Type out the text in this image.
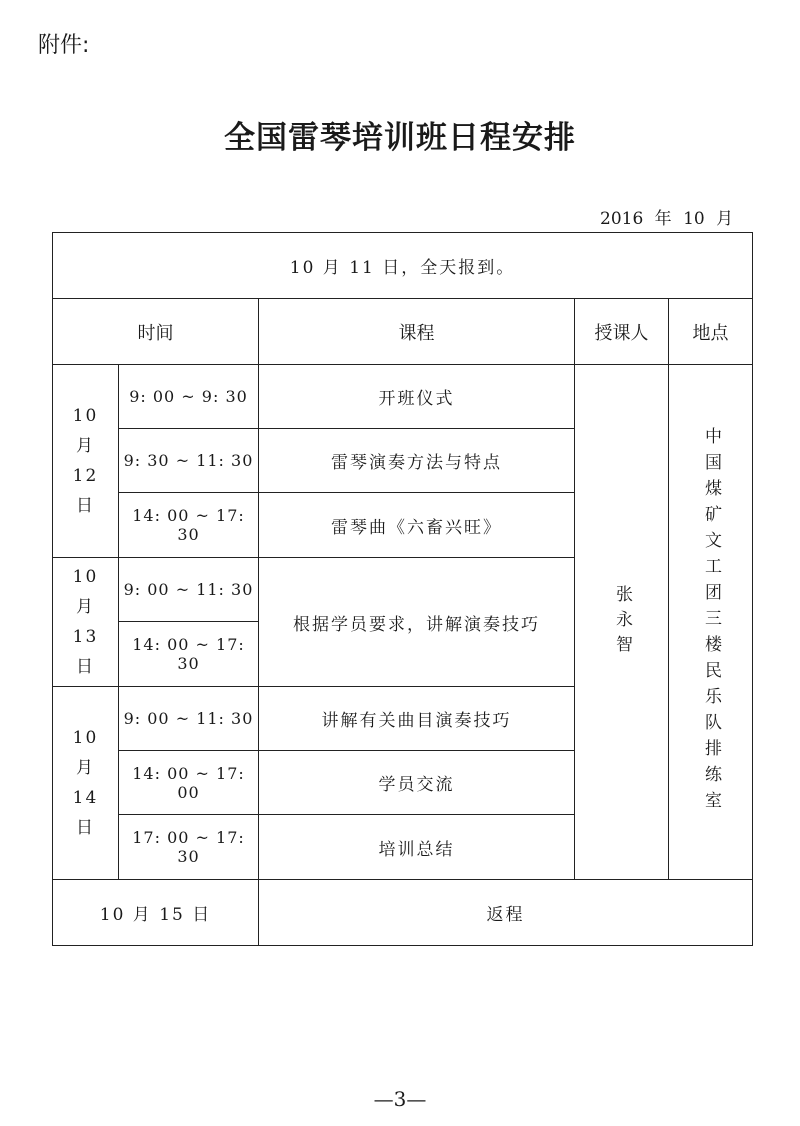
附件:
全国雷琴培训班日程安排
2016 年 10 月
10 月 11 日，全天报到。				
时间		课程	授课人	地点

10
月
12
日	9: 00 ~ 9: 30	开班仪式	张永智	中国煤矿文工团三楼民乐队排练室

	9: 30 ~ 11: 30	雷琴演奏方法与特点		
	14: 00 ~ 17: 30	雷琴曲《六畜兴旺》		

10
月
13
日	9: 00 ~ 11: 30	根据学员要求，讲解演奏技巧		
	14: 00 ~ 17: 30			

10
月
14
日	9: 00 ~ 11: 30	讲解有关曲目演奏技巧		
	14: 00 ~ 17: 00	学员交流		
	17: 00 ~ 17: 30	培训总结		
10 月 15 日		返程		
—3—
